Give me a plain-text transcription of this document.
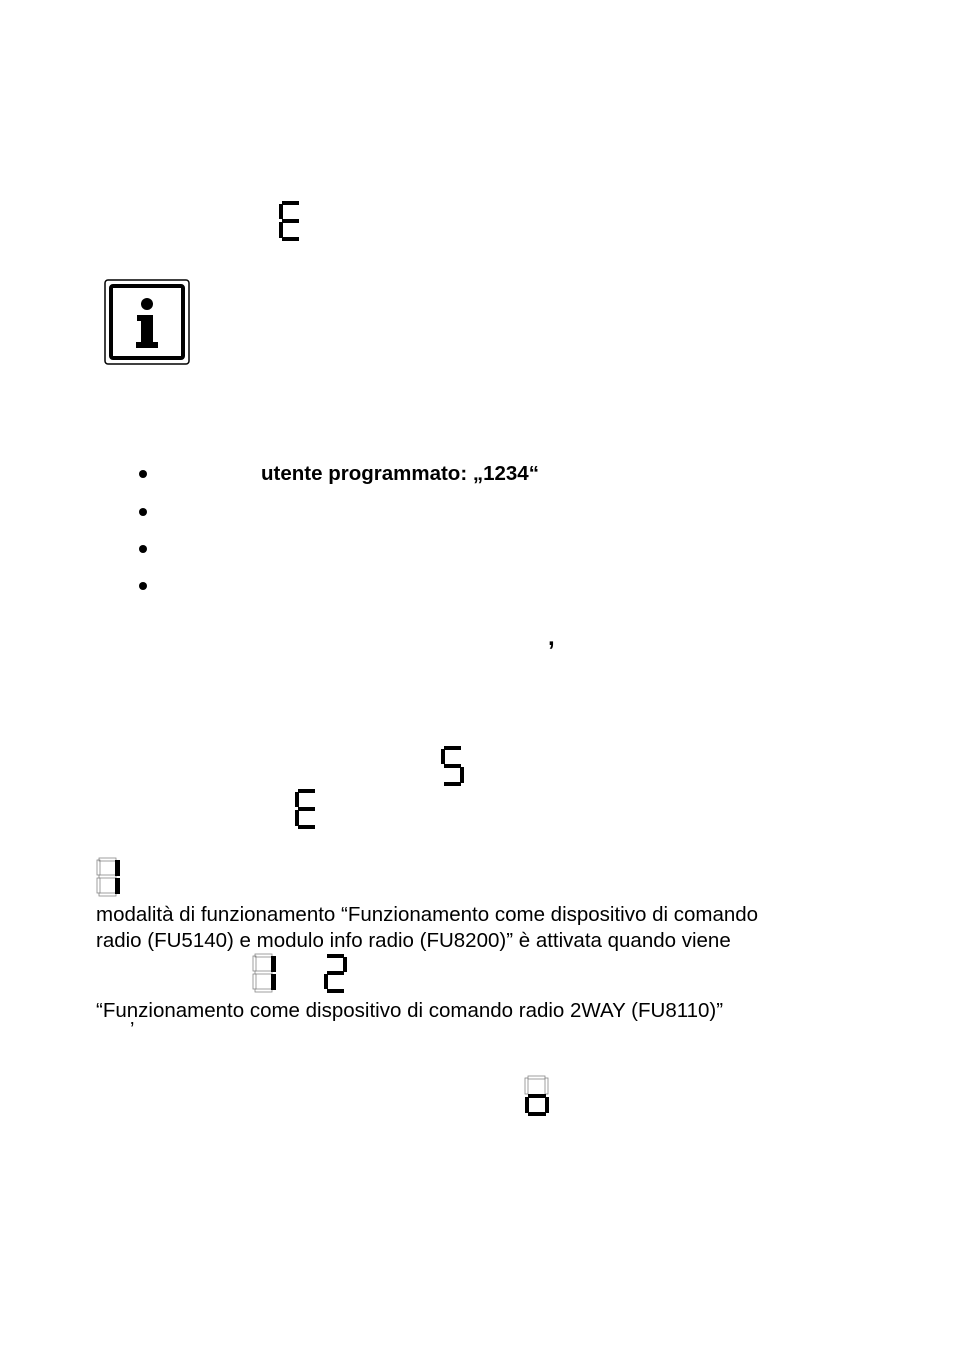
utente programmato: „1234“
,
modalità di funzionamento “Funzionamento come dispositivo di comando
radio (FU5140) e modulo info radio (FU8200)” è attivata quando viene
“Funzionamento come dispositivo di comando radio 2WAY (FU8110)”
’
